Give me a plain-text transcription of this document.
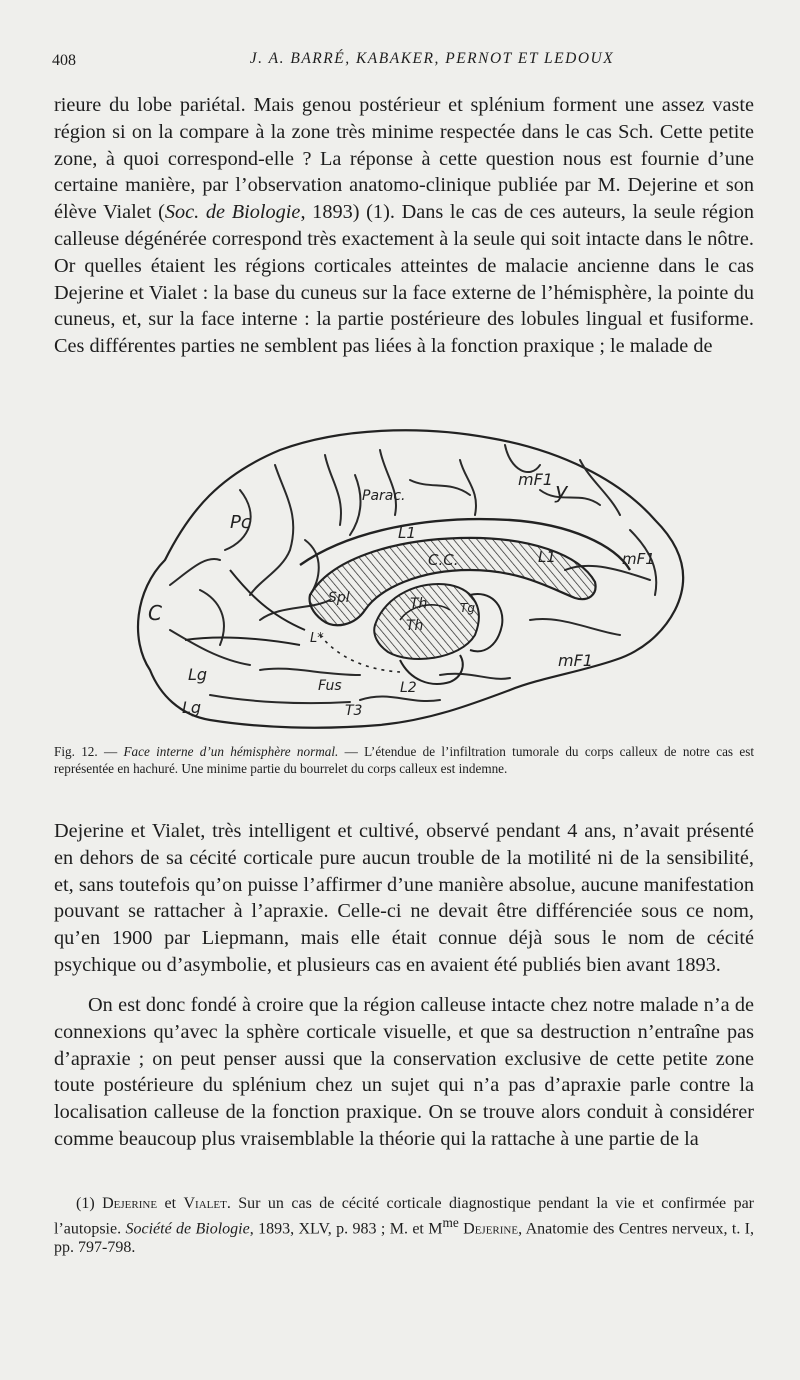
408	J. A. BARRÉ, KABAKER, PERNOT ET LEDOUX

rieure du lobe pariétal. Mais genou postérieur et splénium forment une assez vaste région si on la compare à la zone très minime respectée dans le cas Sch. Cette petite zone, à quoi correspond-elle ? La réponse à cette question nous est fournie d’une certaine manière, par l’observation anatomo-clinique publiée par M. Dejerine et son élève Vialet (Soc. de Biologie, 1893) (1). Dans le cas de ces auteurs, la seule région calleuse dégénérée correspond très exactement à la seule qui soit intacte dans le nôtre. Or quelles étaient les régions corticales atteintes de malacie ancienne dans le cas Dejerine et Vialet : la base du cuneus sur la face externe de l’hémisphère, la pointe du cuneus, et, sur la face interne : la partie postérieure des lobules lingual et fusiforme. Ces différentes parties ne semblent pas liées à la fonction praxique ; le malade de

mF1 y
Parac.
Pc	L1
C.C.	L1	mF1
Spl	Th
Th
Tg
C
L*
mF1
Lg
Fus	L2
Lg	T3

Fig. 12. — Face interne d’un hémisphère normal. — L’étendue de l’infiltration tumorale du corps calleux de notre cas est représentée en hachuré. Une minime partie du bourrelet du corps calleux est indemne.

Dejerine et Vialet, très intelligent et cultivé, observé pendant 4 ans, n’avait présenté en dehors de sa cécité corticale pure aucun trouble de la motilité ni de la sensibilité, et, sans toutefois qu’on puisse l’affirmer d’une manière absolue, aucune manifestation pouvant se rattacher à l’apraxie. Celle-ci ne devait être différenciée sous ce nom, qu’en 1900 par Liepmann, mais elle était connue déjà sous le nom de cécité psychique ou d’asymbolie, et plusieurs cas en avaient été publiés bien avant 1893.

On est donc fondé à croire que la région calleuse intacte chez notre malade n’a de connexions qu’avec la sphère corticale visuelle, et que sa destruction n’entraîne pas d’apraxie ; on peut penser aussi que la conservation exclusive de cette petite zone toute postérieure du splénium chez un sujet qui n’a pas d’apraxie parle contre la localisation calleuse de la fonction praxique. On se trouve alors conduit à considérer comme beaucoup plus vraisemblable la théorie qui la rattache à une partie de la

(1) Dejerine et Vialet. Sur un cas de cécité corticale diagnostique pendant la vie et confirmée par l’autopsie. Société de Biologie, 1893, XLV, p. 983 ; M. et $M^{me}$ Dejerine, Anatomie des Centres nerveux, t. I, pp. 797-798.
